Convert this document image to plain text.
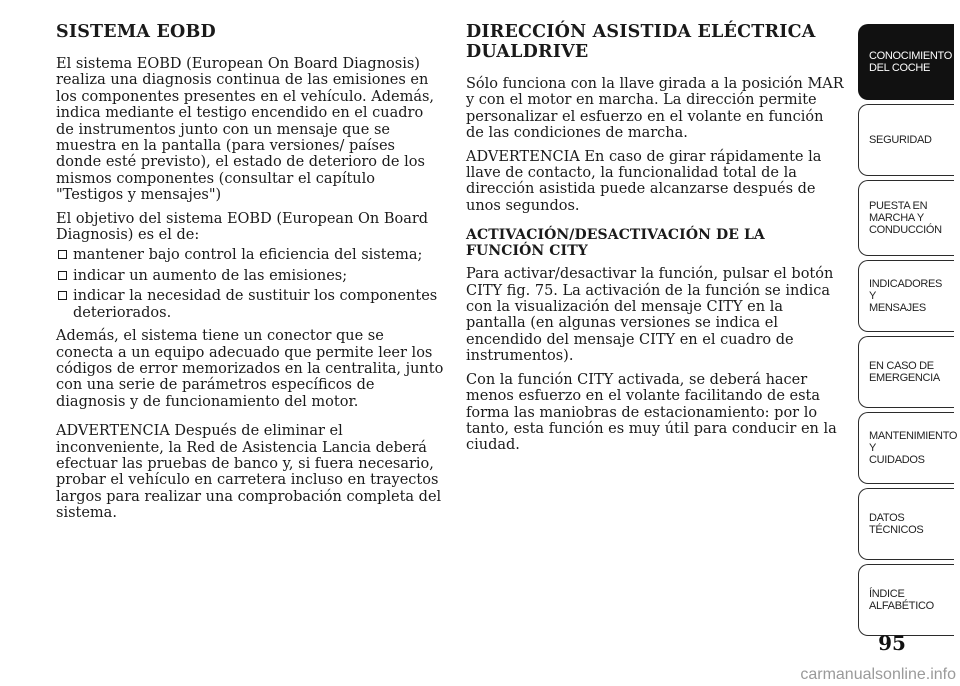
SISTEMA EOBD

El sistema EOBD (European On Board Diagnosis) realiza una diagnosis continua de las emisiones en los componentes presentes en el vehículo. Además, indica mediante el testigo encendido en el cuadro de instrumentos junto con un mensaje que se muestra en la pantalla (para versiones/ países donde esté previsto), el estado de deterioro de los mismos componentes (consultar el capítulo "Testigos y mensajes")

El objetivo del sistema EOBD (European On Board Diagnosis) es el de:

mantener bajo control la eficiencia del sistema;
indicar un aumento de las emisiones;
indicar la necesidad de sustituir los componentes deteriorados.

Además, el sistema tiene un conector que se conecta a un equipo adecuado que permite leer los códigos de error memorizados en la centralita, junto con una serie de parámetros específicos de diagnosis y de funcionamiento del motor.

ADVERTENCIA Después de eliminar el inconveniente, la Red de Asistencia Lancia deberá efectuar las pruebas de banco y, si fuera necesario, probar el vehículo en carretera incluso en trayectos largos para realizar una comprobación completa del sistema.

DIRECCIÓN ASISTIDA ELÉCTRICA DUALDRIVE

Sólo funciona con la llave girada a la posición MAR y con el motor en marcha. La dirección permite personalizar el esfuerzo en el volante en función de las condiciones de marcha.

ADVERTENCIA En caso de girar rápidamente la llave de contacto, la funcionalidad total de la dirección asistida puede alcanzarse después de unos segundos.

ACTIVACIÓN/DESACTIVACIÓN DE LA FUNCIÓN CITY

Para activar/desactivar la función, pulsar el botón CITY fig. 75. La activación de la función se indica con la visualización del mensaje CITY en la pantalla (en algunas versiones se indica el encendido del mensaje CITY en el cuadro de instrumentos).

Con la función CITY activada, se deberá hacer menos esfuerzo en el volante facilitando de esta forma las maniobras de estacionamiento: por lo tanto, esta función es muy útil para conducir en la ciudad.

CONOCIMIENTO
DEL COCHE
SEGURIDAD
PUESTA EN
MARCHA Y
CONDUCCIÓN
INDICADORES Y
MENSAJES
EN CASO DE
EMERGENCIA
MANTENIMIENTO Y
CUIDADOS
DATOS TÉCNICOS
ÍNDICE
ALFABÉTICO
95
carmanualsonline.info
